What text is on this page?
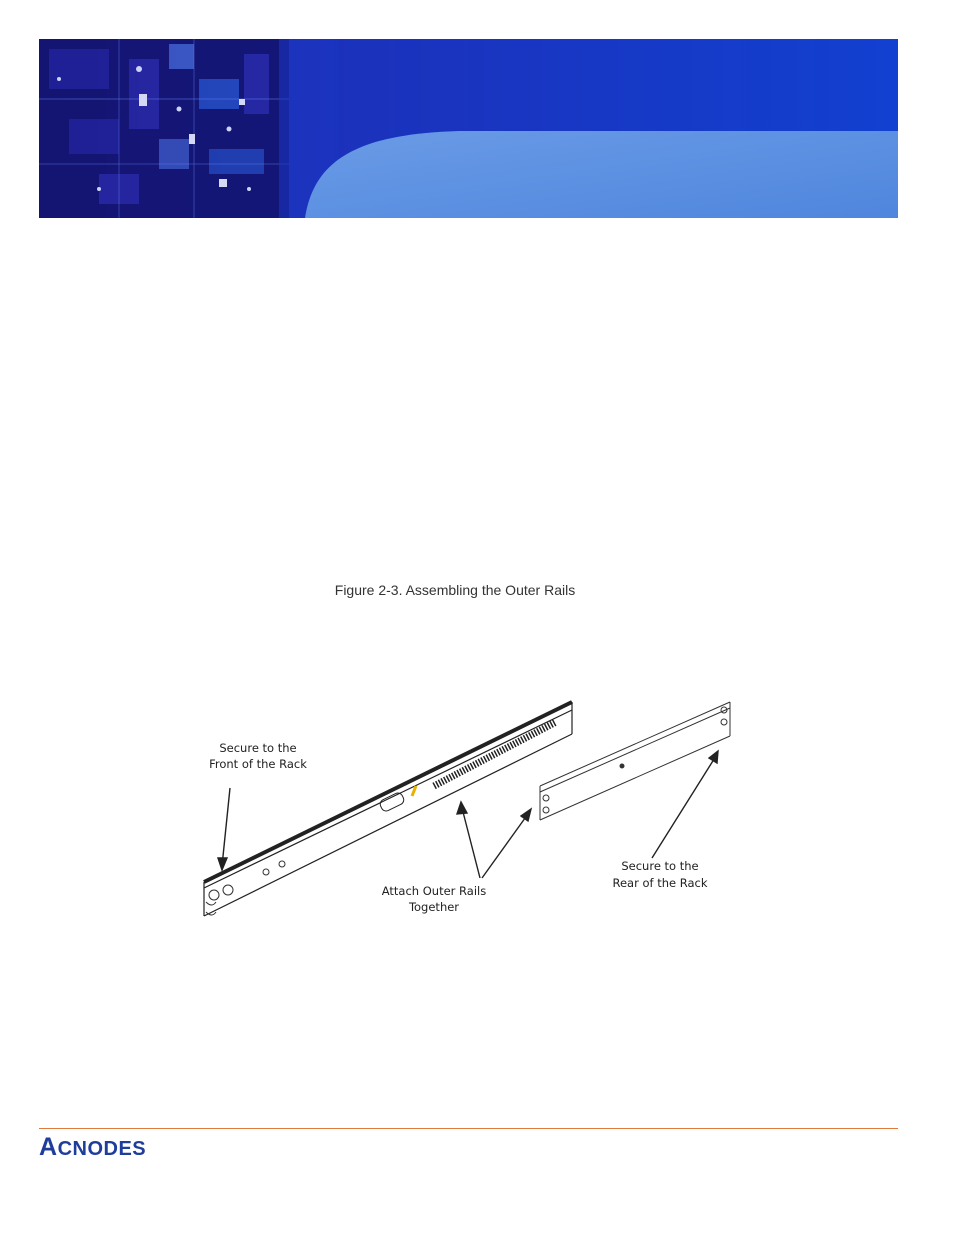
Figure 2-3. Assembling the Outer Rails
Secure to the
Front of the Rack
Attach Outer Rails
Together
Secure to the
Rear of the Rack
ACNODES
